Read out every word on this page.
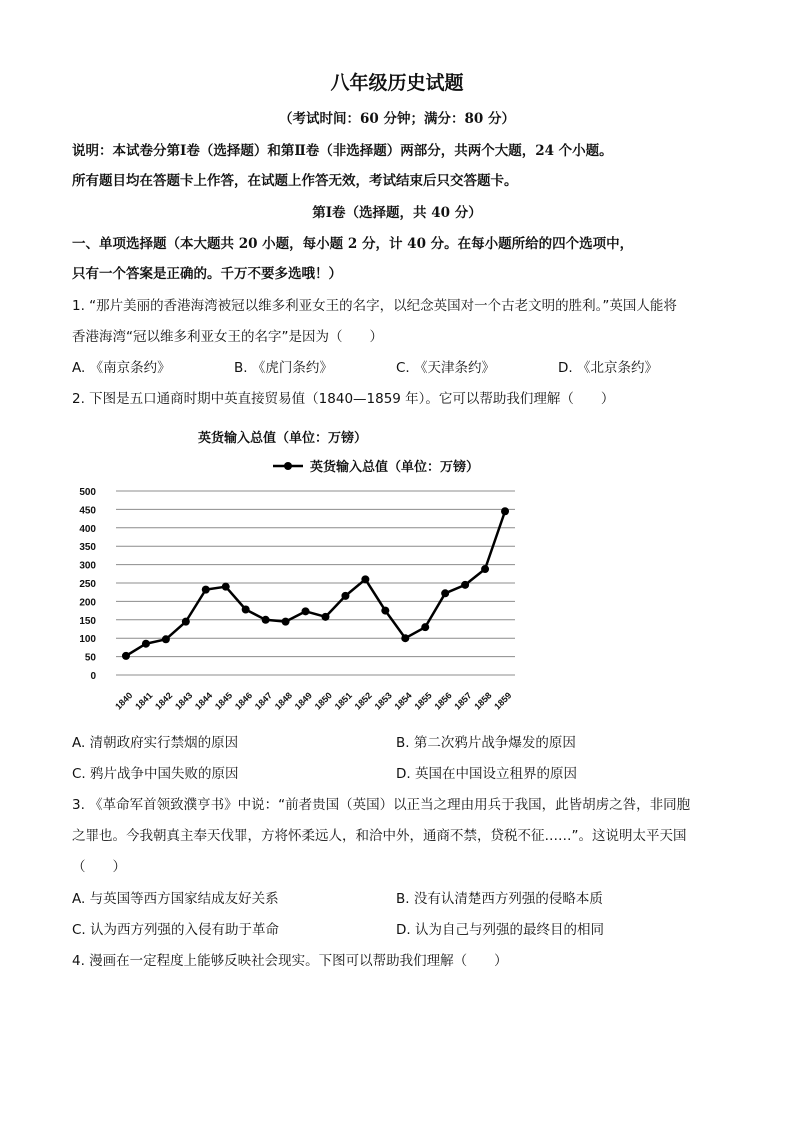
八年级历史试题
（考试时间：60 分钟；满分：80 分）
说明：本试卷分第Ⅰ卷（选择题）和第Ⅱ卷（非选择题）两部分，共两个大题，24 个小题。
所有题目均在答题卡上作答，在试题上作答无效，考试结束后只交答题卡。
第Ⅰ卷（选择题，共 40 分）
一、单项选择题（本大题共 20 小题，每小题 2 分，计 40 分。在每小题所给的四个选项中，
只有一个答案是正确的。千万不要多选哦！）
1. “那片美丽的香港海湾被冠以维多利亚女王的名字，以纪念英国对一个古老文明的胜利。”英国人能将
香港海湾“冠以维多利亚女王的名字”是因为（　　）
A. 《南京条约》	B. 《虎门条约》	C. 《天津条约》	D. 《北京条约》
2. 下图是五口通商时期中英直接贸易值（1840—1859 年）。它可以帮助我们理解（　　）
英货输入总值（单位：万镑）
英货输入总值（单位：万镑）
0
50
100
150
200
250
300
350
400
450
500
1840
1841
1842
1843
1844
1845
1846
1847
1848
1849
1850
1851
1852
1853
1854
1855
1856
1857
1858
1859
A. 清朝政府实行禁烟的原因	B. 第二次鸦片战争爆发的原因
C. 鸦片战争中国失败的原因	D. 英国在中国设立租界的原因
3. 《革命军首领致濮亨书》中说：“前者贵国（英国）以正当之理由用兵于我国，此皆胡虏之咎，非同胞
之罪也。今我朝真主奉天伐罪，方将怀柔远人，和洽中外，通商不禁，贷税不征……”。这说明太平天国
（　　）
A. 与英国等西方国家结成友好关系	B. 没有认清楚西方列强的侵略本质
C. 认为西方列强的入侵有助于革命	D. 认为自己与列强的最终目的相同
4. 漫画在一定程度上能够反映社会现实。下图可以帮助我们理解（　　）
